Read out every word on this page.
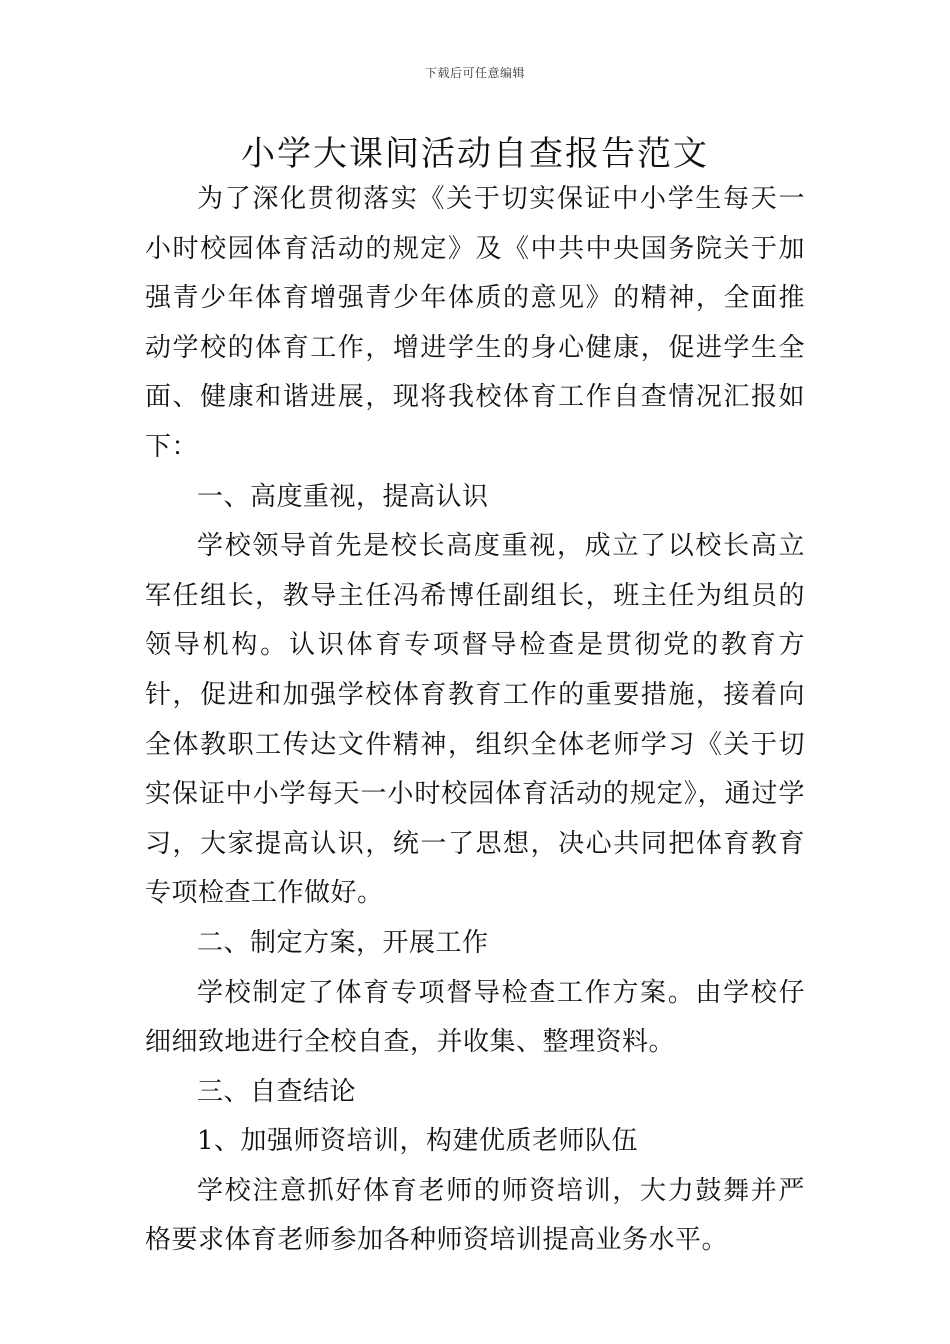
下载后可任意编辑
小学大课间活动自查报告范文

为了深化贯彻落实《关于切实保证中小学生每天一小时校园体育活动的规定》及《中共中央国务院关于加强青少年体育增强青少年体质的意见》的精神，全面推动学校的体育工作，增进学生的身心健康，促进学生全面、健康和谐进展，现将我校体育工作自查情况汇报如下：

一、高度重视，提高认识

学校领导首先是校长高度重视，成立了以校长高立军任组长，教导主任冯希博任副组长，班主任为组员的领导机构。认识体育专项督导检查是贯彻党的教育方针，促进和加强学校体育教育工作的重要措施，接着向全体教职工传达文件精神，组织全体老师学习《关于切实保证中小学每天一小时校园体育活动的规定》，通过学习，大家提高认识，统一了思想，决心共同把体育教育专项检查工作做好。

二、制定方案，开展工作

学校制定了体育专项督导检查工作方案。由学校仔细细致地进行全校自查，并收集、整理资料。

三、自查结论

1、加强师资培训，构建优质老师队伍

学校注意抓好体育老师的师资培训，大力鼓舞并严格要求体育老师参加各种师资培训提高业务水平。
